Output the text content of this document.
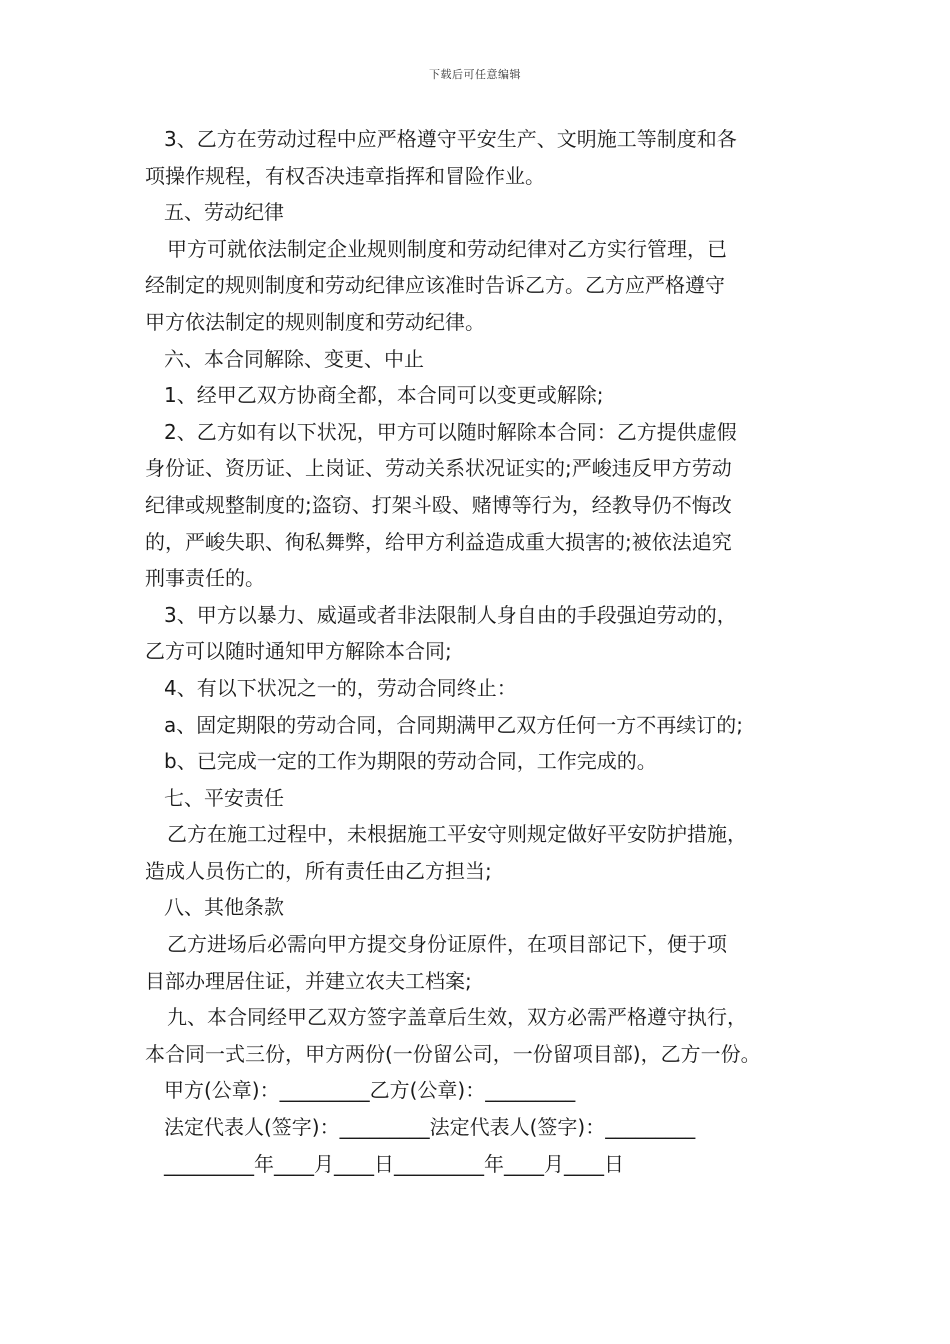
下载后可任意编辑
3、乙方在劳动过程中应严格遵守平安生产、文明施工等制度和各
项操作规程，有权否决违章指挥和冒险作业。
五、劳动纪律
甲方可就依法制定企业规则制度和劳动纪律对乙方实行管理，已
经制定的规则制度和劳动纪律应该准时告诉乙方。乙方应严格遵守
甲方依法制定的规则制度和劳动纪律。
六、本合同解除、变更、中止
1、经甲乙双方协商全都，本合同可以变更或解除;
2、乙方如有以下状况，甲方可以随时解除本合同：乙方提供虚假
身份证、资历证、上岗证、劳动关系状况证实的;严峻违反甲方劳动
纪律或规整制度的;盗窃、打架斗殴、赌博等行为，经教导仍不悔改
的，严峻失职、徇私舞弊，给甲方利益造成重大损害的;被依法追究
刑事责任的。
3、甲方以暴力、威逼或者非法限制人身自由的手段强迫劳动的，
乙方可以随时通知甲方解除本合同;
4、有以下状况之一的，劳动合同终止：
a、固定期限的劳动合同，合同期满甲乙双方任何一方不再续订的;
b、已完成一定的工作为期限的劳动合同，工作完成的。
七、平安责任
乙方在施工过程中，未根据施工平安守则规定做好平安防护措施，
造成人员伤亡的，所有责任由乙方担当;
八、其他条款
乙方进场后必需向甲方提交身份证原件，在项目部记下，便于项
目部办理居住证，并建立农夫工档案;
九、本合同经甲乙双方签字盖章后生效，双方必需严格遵守执行，
本合同一式三份，甲方两份(一份留公司，一份留项目部)，乙方一份。
甲方(公章)：_________乙方(公章)：_________
法定代表人(签字)：_________法定代表人(签字)：_________
_________年____月____日_________年____月____日
